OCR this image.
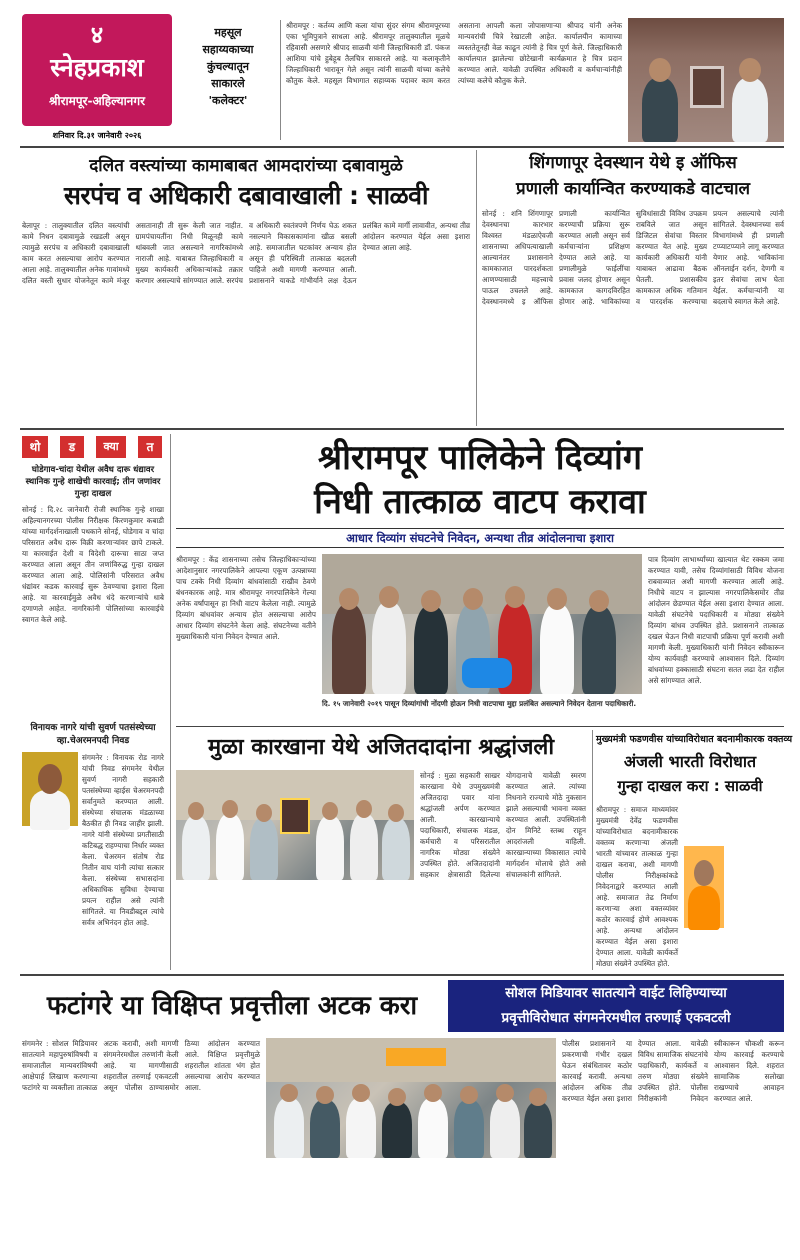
४
स्नेहप्रकाश
श्रीरामपूर-अहिल्यानगर
शनिवार दि.३१ जानेवारी २०२६
महसूल
सहाय्यकाच्या
कुंचल्यातून
साकारले
'कलेक्टर'
श्रीरामपूर : कर्तव्य आणि कला यांचा सुंदर संगम श्रीरामपूरच्या एका भूमिपुत्राने साधला आहे. श्रीरामपूर तालुक्यातील मूळचे रहिवासी असणारे श्रीपाद साळवी यांनी जिल्हाधिकारी डॉ. पंकज आशिया यांचे हुबेहूब तैलचित्र साकारले आहे. या कलाकृतीने जिल्हाधिकारी भारावून गेले असून त्यांनी साळवी यांच्या कलेचे कौतुक केले. महसूल विभागात सहाय्यक पदावर काम करत असताना आपली कला जोपासणाऱ्या श्रीपाद यांनी अनेक मान्यवरांची चित्रे रेखाटली आहेत. कार्यालयीन कामाच्या व्यस्ततेतूनही वेळ काढून त्यांनी हे चित्र पूर्ण केले. जिल्हाधिकारी कार्यालयात झालेल्या छोटेखानी कार्यक्रमात हे चित्र प्रदान करण्यात आले. यावेळी उपस्थित अधिकारी व कर्मचाऱ्यांनीही त्यांच्या कलेचे कौतुक केले.
दलित वस्त्यांच्या कामाबाबत आमदारांच्या दबावामुळे
सरपंच व अधिकारी दबावाखाली : साळवी
बेलापूर : तालुक्यातील दलित वस्त्यांची कामे निधन दबावामुळे रखडली असून त्यामुळे सरपंच व अधिकारी दबावाखाली काम करत असल्याचा आरोप करण्यात आला आहे. तालुक्यातील अनेक गावांमध्ये दलित वस्ती सुधार योजनेतून कामे मंजूर असतानाही ती सुरू केली जात नाहीत. ग्रामपंचायतींना निधी मिळूनही कामे थांबवली जात असल्याने नागरिकांमध्ये नाराजी आहे. याबाबत जिल्हाधिकारी व मुख्य कार्यकारी अधिकाऱ्यांकडे तक्रार करणार असल्याचे सांगण्यात आले. सरपंच व अधिकारी स्वतंत्रपणे निर्णय घेऊ शकत नसल्याने विकासकामांना खीळ बसली आहे. समाजातील घटकांवर अन्याय होत असून ही परिस्थिती तात्काळ बदलली पाहिजे अशी मागणी करण्यात आली. प्रशासनाने याकडे गांभीर्याने लक्ष देऊन प्रलंबित कामे मार्गी लावावीत, अन्यथा तीव्र आंदोलन करण्यात येईल असा इशारा देण्यात आला आहे.
शिंगणापूर देवस्थान येथे इ ऑफिस
प्रणाली कार्यान्वित करण्याकडे वाटचाल
सोनई : शनि शिंगणापूर देवस्थानचा कारभार विश्वस्त मंडळाऐवजी शासनाच्या अधिपत्याखाली आल्यानंतर प्रशासनाने कामकाजात पारदर्शकता आणण्यासाठी महत्त्वाचे पाऊल उचलले आहे. देवस्थानमध्ये इ ऑफिस प्रणाली कार्यान्वित करण्याची प्रक्रिया सुरू करण्यात आली असून सर्व कर्मचाऱ्यांना प्रशिक्षण देण्यात आले आहे. या प्रणालीमुळे फाईलींचा प्रवास जलद होणार असून कामकाज कागदविरहित होणार आहे. भाविकांच्या सुविधांसाठी विविध उपक्रम राबविले जात असून डिजिटल सेवांचा विस्तार करण्यात येत आहे. मुख्य कार्यकारी अधिकारी यांनी याबाबत आढावा बैठक घेतली. प्रशासकीय कामकाज अधिक गतिमान व पारदर्शक करण्याचा प्रयत्न असल्याचे त्यांनी सांगितले. देवस्थानच्या सर्व विभागांमध्ये ही प्रणाली टप्प्याटप्प्याने लागू करण्यात येणार आहे. भाविकांना ऑनलाईन दर्शन, देणगी व इतर सेवांचा लाभ घेता येईल. कर्मचाऱ्यांनी या बदलाचे स्वागत केले आहे.
थो	ड	क्या	त
घोडेगाव-चांदा येथील अवैध दारू धंद्यावर स्थानिक गुन्हे शाखेची कारवाई; तीन जणांवर गुन्हा दाखल
सोनई : दि.२८ जानेवारी रोजी स्थानिक गुन्हे शाखा अहिल्यानगरच्या पोलीस निरीक्षक किरणकुमार कबाडी यांच्या मार्गदर्शनाखाली पथकाने सोनई, घोडेगाव व चांदा परिसरात अवैध दारू विक्री करणाऱ्यांवर छापे टाकले. या कारवाईत देशी व विदेशी दारूचा साठा जप्त करण्यात आला असून तीन जणांविरुद्ध गुन्हा दाखल करण्यात आला आहे. पोलिसांनी परिसरात अवैध धंद्यांवर कडक कारवाई सुरू ठेवण्याचा इशारा दिला आहे. या कारवाईमुळे अवैध धंदे करणाऱ्यांचे धाबे दणाणले आहेत. नागरिकांनी पोलिसांच्या कारवाईचे स्वागत केले आहे.
विनायक नागरे यांची सुवर्ण पतसंस्थेच्या व्हा.चेअरमनपदी निवड
संगमनेर : विनायक रोड नागरे यांची निवड संगमनेर येथील सुवर्ण नागरी सहकारी पतसंस्थेच्या व्हाईस चेअरमनपदी सर्वानुमते करण्यात आली. संस्थेच्या संचालक मंडळाच्या बैठकीत ही निवड जाहीर झाली. नागरे यांनी संस्थेच्या प्रगतीसाठी कटिबद्ध राहण्याचा निर्धार व्यक्त केला. चेअरमन संतोष रोड नितीन वाघ यांनी त्यांचा सत्कार केला. संस्थेच्या सभासदांना अधिकाधिक सुविधा देण्याचा प्रयत्न राहील असे त्यांनी सांगितले. या निवडीबद्दल त्यांचे सर्वत्र अभिनंदन होत आहे.
श्रीरामपूर पालिकेने दिव्यांग
निधी तात्काळ वाटप करावा
आधार दिव्यांग संघटनेचे निवेदन, अन्यथा तीव्र आंदोलनाचा इशारा
श्रीरामपूर : केंद्र शासनाच्या तसेच जिल्हाधिकाऱ्यांच्या आदेशानुसार नगरपालिकेने आपल्या एकूण उत्पन्नाच्या पाच टक्के निधी दिव्यांग बांधवांसाठी राखीव ठेवणे बंधनकारक आहे. मात्र श्रीरामपूर नगरपालिकेने गेल्या अनेक वर्षांपासून हा निधी वाटप केलेला नाही. त्यामुळे दिव्यांग बांधवांवर अन्याय होत असल्याचा आरोप आधार दिव्यांग संघटनेने केला आहे. संघटनेच्या वतीने मुख्याधिकारी यांना निवेदन देण्यात आले.
दि. १५ जानेवारी २०१९ पासून दिव्यांगांची नोंदणी होऊन निधी वाटपाचा मुद्दा प्रलंबित असल्याने निवेदन देताना पदाधिकारी.
पात्र दिव्यांग लाभार्थ्यांच्या खात्यात थेट रक्कम जमा करण्यात यावी, तसेच दिव्यांगांसाठी विविध योजना राबवाव्यात अशी मागणी करण्यात आली आहे. निधीचे वाटप न झाल्यास नगरपालिकेसमोर तीव्र आंदोलन छेडण्यात येईल असा इशारा देण्यात आला. यावेळी संघटनेचे पदाधिकारी व मोठ्या संख्येने दिव्यांग बांधव उपस्थित होते. प्रशासनाने तात्काळ दखल घेऊन निधी वाटपाची प्रक्रिया पूर्ण करावी अशी मागणी केली. मुख्याधिकारी यांनी निवेदन स्वीकारून योग्य कार्यवाही करण्याचे आश्वासन दिले. दिव्यांग बांधवांच्या हक्कासाठी संघटना सतत लढा देत राहील असे सांगण्यात आले.
मुळा कारखाना येथे अजितदादांना श्रद्धांजली
सोनई : मुळा सहकारी साखर कारखाना येथे उपमुख्यमंत्री अजितदादा पवार यांना श्रद्धांजली अर्पण करण्यात आली. कारखान्याचे पदाधिकारी, संचालक मंडळ, कर्मचारी व परिसरातील नागरिक मोठ्या संख्येने उपस्थित होते. अजितदादांनी सहकार क्षेत्रासाठी दिलेल्या योगदानाचे यावेळी स्मरण करण्यात आले. त्यांच्या निधनाने राज्याचे मोठे नुकसान झाले असल्याची भावना व्यक्त करण्यात आली. उपस्थितांनी दोन मिनिटे स्तब्ध राहून आदरांजली वाहिली. कारखान्याच्या विकासात त्यांचे मार्गदर्शन मोलाचे होते असे संचालकांनी सांगितले.
मुख्यमंत्री फडणवीस यांच्याविरोधात बदनामीकारक वक्तव्य
अंजली भारती विरोधात
गुन्हा दाखल करा : साळवी
श्रीरामपूर : समाज माध्यमांवर मुख्यमंत्री देवेंद्र फडणवीस यांच्याविरोधात बदनामीकारक वक्तव्य करणाऱ्या अंजली भारती यांच्यावर तात्काळ गुन्हा दाखल करावा, अशी मागणी पोलीस निरीक्षकांकडे निवेदनाद्वारे करण्यात आली आहे. समाजात तेढ निर्माण करणाऱ्या अशा वक्तव्यांवर कठोर कारवाई होणे आवश्यक आहे. अन्यथा आंदोलन करण्यात येईल असा इशारा देण्यात आला. यावेळी कार्यकर्ते मोठ्या संख्येने उपस्थित होते.
फटांगरे या विक्षिप्त प्रवृत्तीला अटक करा	सोशल मिडियावर सातत्याने वाईट लिहिण्याच्या
प्रवृत्तीविरोधात संगमनेरमधील तरुणाई एकवटली
संगमनेर : सोशल मिडियावर सातत्याने महापुरुषांविषयी व समाजातील मान्यवरांविषयी आक्षेपार्ह लिखाण करणाऱ्या फटांगरे या व्यक्तीला तात्काळ अटक करावी, अशी मागणी संगमनेरमधील तरुणांनी केली आहे. या मागणीसाठी शहरातील तरुणाई एकवटली असून पोलीस ठाण्यासमोर ठिय्या आंदोलन करण्यात आले. विक्षिप्त प्रवृत्तीमुळे शहरातील शांतता भंग होत असल्याचा आरोप करण्यात आला.
पोलीस प्रशासनाने या प्रकरणाची गंभीर दखल घेऊन संबंधितावर कठोर कारवाई करावी. अन्यथा आंदोलन अधिक तीव्र करण्यात येईल असा इशारा देण्यात आला. यावेळी विविध सामाजिक संघटनांचे पदाधिकारी, कार्यकर्ते व तरुण मोठ्या संख्येने उपस्थित होते. पोलीस निरीक्षकांनी निवेदन स्वीकारून चौकशी करून योग्य कारवाई करण्याचे आश्वासन दिले. शहरात सामाजिक सलोखा राखण्याचे आवाहन करण्यात आले.
